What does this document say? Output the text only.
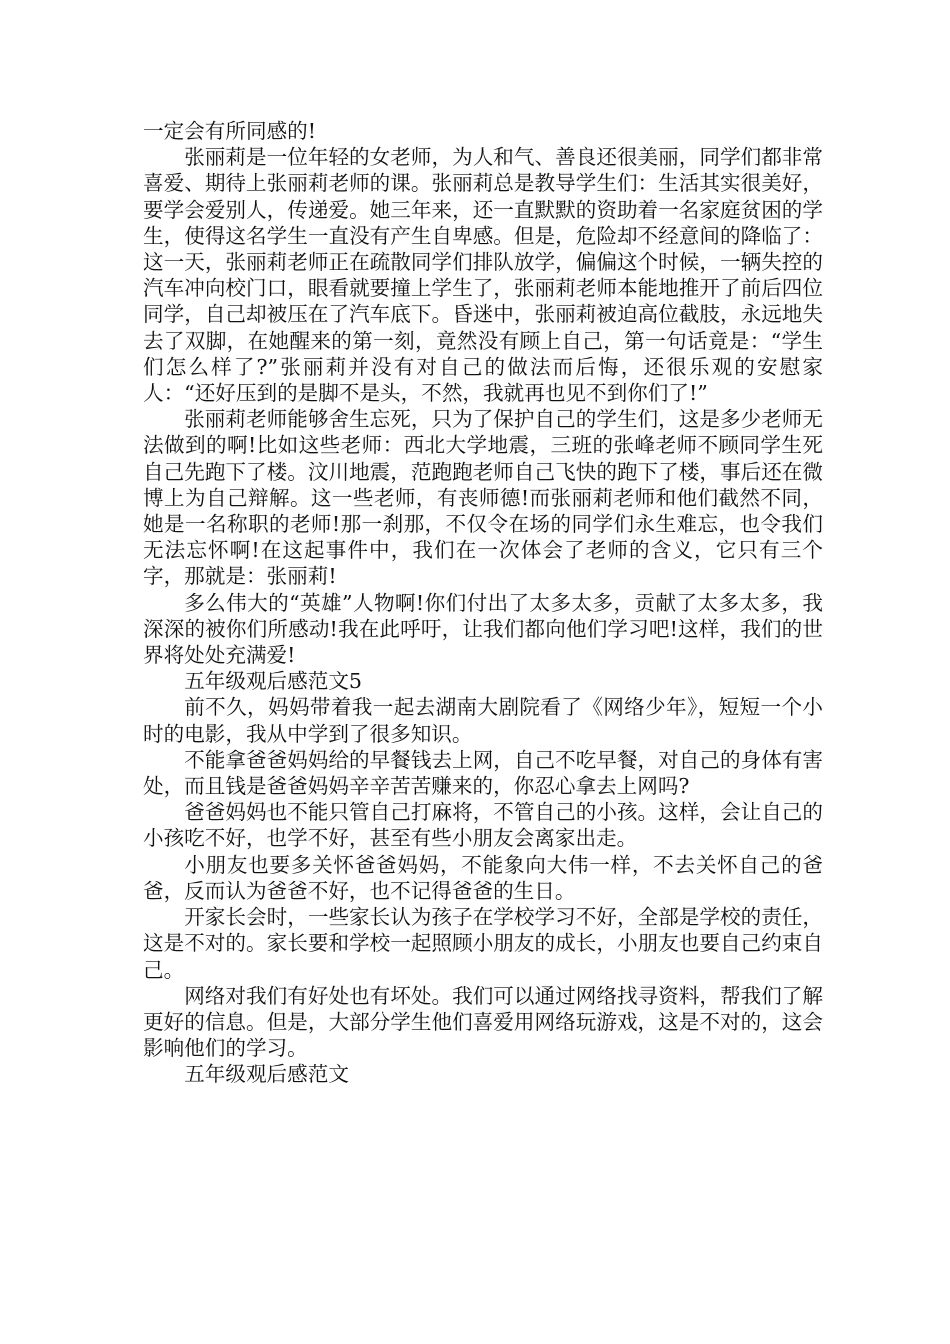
一定会有所同感的!

张丽莉是一位年轻的女老师，为人和气、善良还很美丽，同学们都非常喜爱、期待上张丽莉老师的课。张丽莉总是教导学生们：生活其实很美好，要学会爱别人，传递爱。她三年来，还一直默默的资助着一名家庭贫困的学生，使得这名学生一直没有产生自卑感。但是，危险却不经意间的降临了：这一天，张丽莉老师正在疏散同学们排队放学，偏偏这个时候，一辆失控的汽车冲向校门口，眼看就要撞上学生了，张丽莉老师本能地推开了前后四位同学，自己却被压在了汽车底下。昏迷中，张丽莉被迫高位截肢，永远地失去了双脚，在她醒来的第一刻，竟然没有顾上自己，第一句话竟是：“学生们怎么样了?”张丽莉并没有对自己的做法而后悔，还很乐观的安慰家人：“还好压到的是脚不是头，不然，我就再也见不到你们了!”

张丽莉老师能够舍生忘死，只为了保护自己的学生们，这是多少老师无法做到的啊!比如这些老师：西北大学地震，三班的张峰老师不顾同学生死自己先跑下了楼。汶川地震，范跑跑老师自己飞快的跑下了楼，事后还在微博上为自己辩解。这一些老师，有丧师德!而张丽莉老师和他们截然不同，她是一名称职的老师!那一刹那，不仅令在场的同学们永生难忘，也令我们无法忘怀啊!在这起事件中，我们在一次体会了老师的含义，它只有三个字，那就是：张丽莉!

多么伟大的“英雄”人物啊!你们付出了太多太多，贡献了太多太多，我深深的被你们所感动!我在此呼吁，让我们都向他们学习吧!这样，我们的世界将处处充满爱!

五年级观后感范文5

前不久，妈妈带着我一起去湖南大剧院看了《网络少年》，短短一个小时的电影，我从中学到了很多知识。

不能拿爸爸妈妈给的早餐钱去上网，自己不吃早餐，对自己的身体有害处，而且钱是爸爸妈妈辛辛苦苦赚来的，你忍心拿去上网吗?

爸爸妈妈也不能只管自己打麻将，不管自己的小孩。这样，会让自己的小孩吃不好，也学不好，甚至有些小朋友会离家出走。

小朋友也要多关怀爸爸妈妈，不能象向大伟一样，不去关怀自己的爸爸，反而认为爸爸不好，也不记得爸爸的生日。

开家长会时，一些家长认为孩子在学校学习不好，全部是学校的责任，这是不对的。家长要和学校一起照顾小朋友的成长，小朋友也要自己约束自己。

网络对我们有好处也有坏处。我们可以通过网络找寻资料，帮我们了解更好的信息。但是，大部分学生他们喜爱用网络玩游戏，这是不对的，这会影响他们的学习。

五年级观后感范文
